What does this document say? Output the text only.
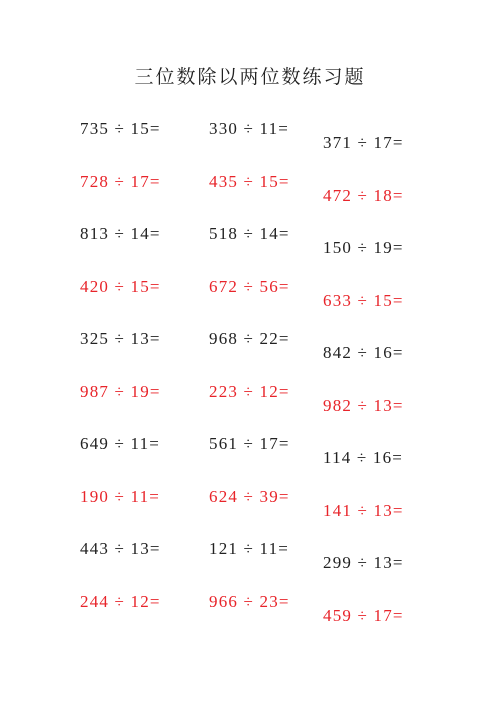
三位数除以两位数练习题
735 ÷ 15=
728 ÷ 17=
813 ÷ 14=
420 ÷ 15=
325 ÷ 13=
987 ÷ 19=
649 ÷ 11=
190 ÷ 11=
443 ÷ 13=
244 ÷ 12=
330 ÷ 11=
435 ÷ 15=
518 ÷ 14=
672 ÷ 56=
968 ÷ 22=
223 ÷ 12=
561 ÷ 17=
624 ÷ 39=
121 ÷ 11=
966 ÷ 23=
371 ÷ 17=
472 ÷ 18=
150 ÷ 19=
633 ÷ 15=
842 ÷ 16=
982 ÷ 13=
114 ÷ 16=
141 ÷ 13=
299 ÷ 13=
459 ÷ 17=
